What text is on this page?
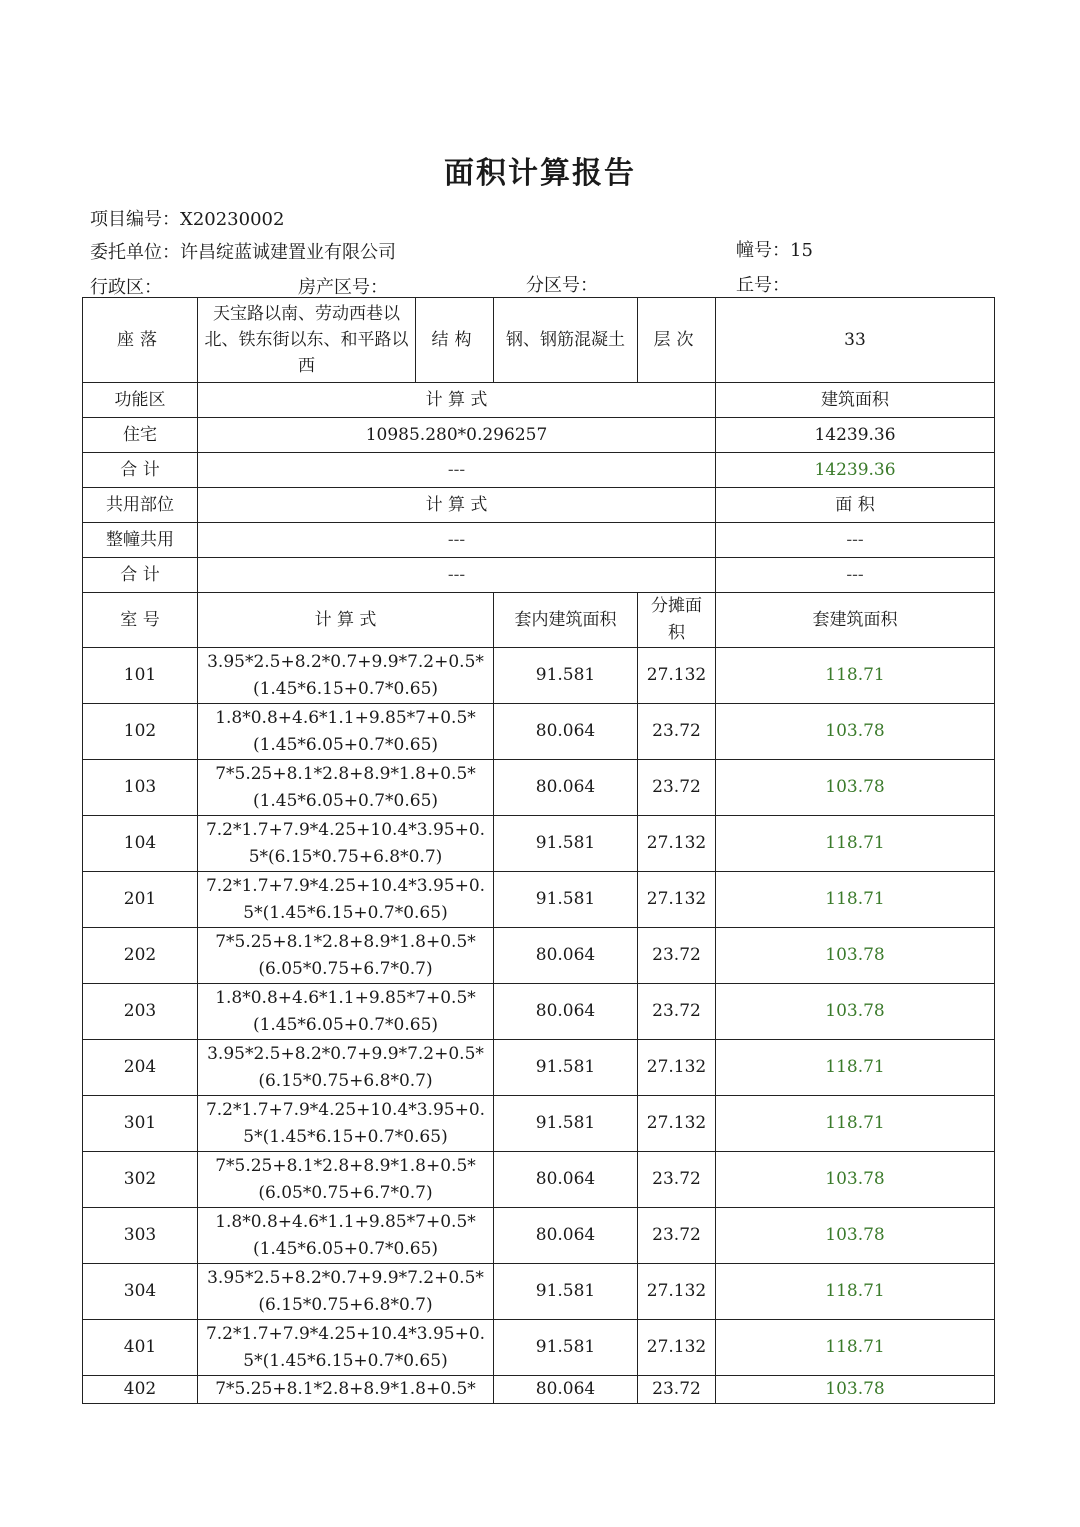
面积计算报告
项目编号：X20230002
委托单位：许昌绽蓝诚建置业有限公司	幢号：15
行政区：	房产区号：	分区号：	丘号：
座落	天宝路以南、劳动西巷以北、铁东街以东、和平路以西	结构	钢、钢筋混凝土	层次	33
功能区	计 算 式				建筑面积
住宅	10985.280*0.296257				14239.36
合 计	---				14239.36
共用部位	计 算 式				面 积
整幢共用	---				---
合 计	---				---
室 号	计 算 式		套内建筑面积	分摊面积	套建筑面积
101	3.95*2.5+8.2*0.7+9.9*7.2+0.5*(1.45*6.15+0.7*0.65)		91.581	27.132	118.71
102	1.8*0.8+4.6*1.1+9.85*7+0.5*(1.45*6.05+0.7*0.65)		80.064	23.72	103.78
103	7*5.25+8.1*2.8+8.9*1.8+0.5*(1.45*6.05+0.7*0.65)		80.064	23.72	103.78
104	7.2*1.7+7.9*4.25+10.4*3.95+0.5*(6.15*0.75+6.8*0.7)		91.581	27.132	118.71
201	7.2*1.7+7.9*4.25+10.4*3.95+0.5*(1.45*6.15+0.7*0.65)		91.581	27.132	118.71
202	7*5.25+8.1*2.8+8.9*1.8+0.5*(6.05*0.75+6.7*0.7)		80.064	23.72	103.78
203	1.8*0.8+4.6*1.1+9.85*7+0.5*(1.45*6.05+0.7*0.65)		80.064	23.72	103.78
204	3.95*2.5+8.2*0.7+9.9*7.2+0.5*(6.15*0.75+6.8*0.7)		91.581	27.132	118.71
301	7.2*1.7+7.9*4.25+10.4*3.95+0.5*(1.45*6.15+0.7*0.65)		91.581	27.132	118.71
302	7*5.25+8.1*2.8+8.9*1.8+0.5*(6.05*0.75+6.7*0.7)		80.064	23.72	103.78
303	1.8*0.8+4.6*1.1+9.85*7+0.5*(1.45*6.05+0.7*0.65)		80.064	23.72	103.78
304	3.95*2.5+8.2*0.7+9.9*7.2+0.5*(6.15*0.75+6.8*0.7)		91.581	27.132	118.71
401	7.2*1.7+7.9*4.25+10.4*3.95+0.5*(1.45*6.15+0.7*0.65)		91.581	27.132	118.71
402	7*5.25+8.1*2.8+8.9*1.8+0.5*		80.064	23.72	103.78
